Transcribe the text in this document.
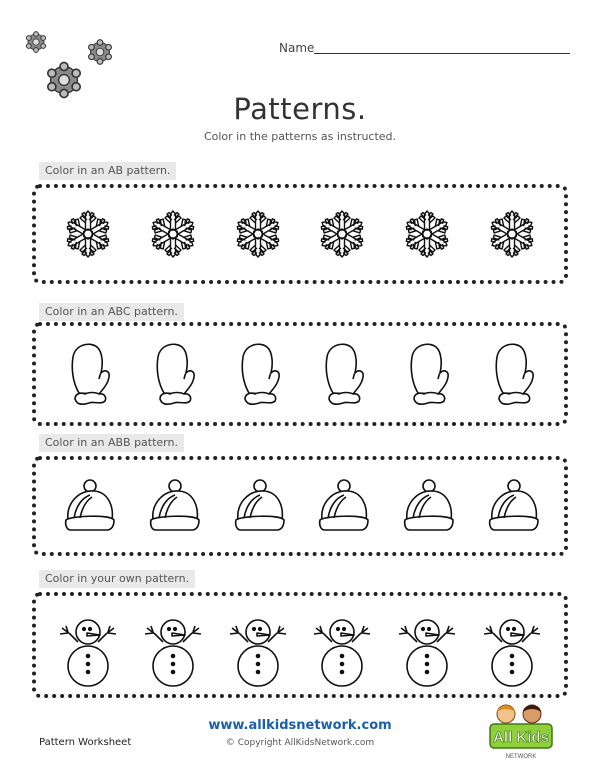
Name
Patterns.
Color in the patterns as instructed.
Color in an AB pattern.
Color in an ABC pattern.
Color in an ABB pattern.
Color in your own pattern.
Pattern Worksheet
www.allkidsnetwork.com
© Copyright AllKidsNetwork.com	All Kids
NETWORK
